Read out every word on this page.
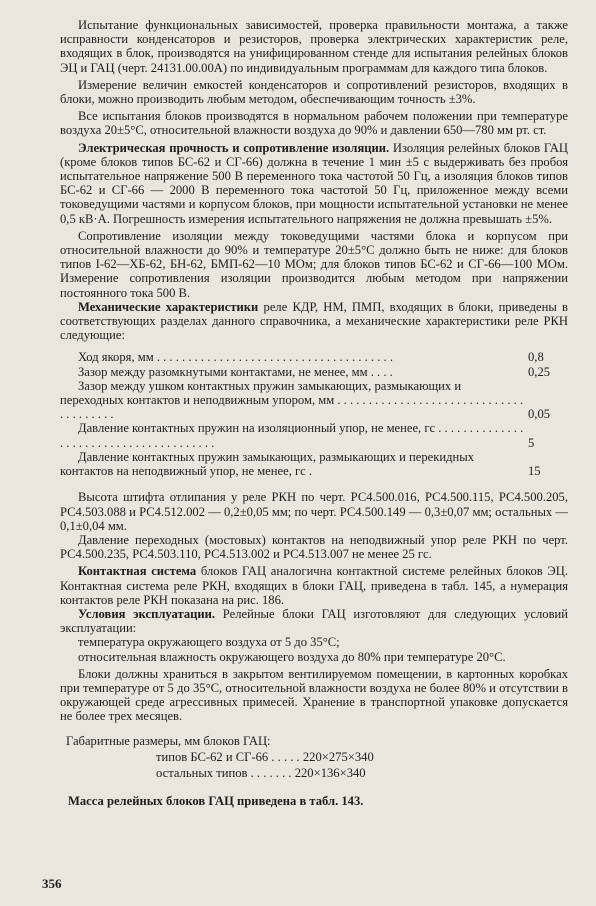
Испытание функциональных зависимостей, проверка правильности монтажа, а также исправности конденсаторов и резисторов, проверка электрических характеристик реле, входящих в блок, производятся на унифицированном стенде для испытания релейных блоков ЭЦ и ГАЦ (черт. 24131.00.00А) по индивидуальным программам для каждого типа блоков.

Измерение величин емкостей конденсаторов и сопротивлений резисторов, входящих в блоки, можно производить любым методом, обеспечивающим точность ±3%.

Все испытания блоков производятся в нормальном рабочем положении при температуре воздуха 20±5°С, относительной влажности воздуха до 90% и давлении 650—780 мм рт. ст.

Электрическая прочность и сопротивление изоляции. Изоляция релейных блоков ГАЦ (кроме блоков типов БС-62 и СГ-66) должна в течение 1 мин ±5 с выдерживать без пробоя испытательное напряжение 500 В переменного тока частотой 50 Гц, а изоляция блоков типов БС-62 и СГ-66 — 2000 В переменного тока частотой 50 Гц, приложенное между всеми токоведущими частями и корпусом блоков, при мощности испытательной установки не менее 0,5 кВ·А. Погрешность измерения испытательного напряжения не должна превышать ±5%.

Сопротивление изоляции между токоведущими частями блока и корпусом при относительной влажности до 90% и температуре 20±5°С должно быть не ниже: для блоков типов I-62—ХБ-62, БН-62, БМП-62—10 МОм; для блоков типов БС-62 и СГ-66—100 МОм. Измерение сопротивления изоляции производится любым методом при напряжении постоянного тока 500 В.

Механические характеристики реле КДР, НМ, ПМП, входящих в блоки, приведены в соответствующих разделах данного справочника, а механические характеристики реле РКН следующие:

Ход якоря, мм . . . . . . . . . . . . . . . . . . . . . . . . . . . . . . . . . . . . . .	0,8
Зазор между разомкнутыми контактами, не менее, мм . . . .	0,25
Зазор между ушком контактных пружин замыкающих, размыкающих и переходных контактов и неподвижным упором, мм . . . . . . . . . . . . . . . . . . . . . . . . . . . . . . . . . . . . . . .	0,05
Давление контактных пружин на изоляционный упор, не менее, гс . . . . . . . . . . . . . . . . . . . . . . . . . . . . . . . . . . . . . . .	5
Давление контактных пружин замыкающих, размыкающих и перекидных контактов на неподвижный упор, не менее, гс .	15

Высота штифта отлипания у реле РКН по черт. РС4.500.016, РС4.500.115, РС4.500.205, РС4.503.088 и РС4.512.002 — 0,2±0,05 мм; по черт. РС4.500.149 — 0,3±0,07 мм; остальных — 0,1±0,04 мм.

Давление переходных (мостовых) контактов на неподвижный упор реле РКН по черт. РС4.500.235, РС4.503.110, РС4.513.002 и РС4.513.007 не менее 25 гс.

Контактная система блоков ГАЦ аналогична контактной системе релейных блоков ЭЦ. Контактная система реле РКН, входящих в блоки ГАЦ, приведена в табл. 145, а нумерация контактов реле РКН показана на рис. 186.

Условия эксплуатации. Релейные блоки ГАЦ изготовляют для следующих условий эксплуатации:

температура окружающего воздуха от 5 до 35°С;

относительная влажность окружающего воздуха до 80% при температуре 20°С.

Блоки должны храниться в закрытом вентилируемом помещении, в картонных коробках при температуре от 5 до 35°С, относительной влажности воздуха не более 80% и отсутствии в окружающей среде агрессивных примесей. Хранение в транспортной упаковке допускается не более трех месяцев.

Габаритные размеры, мм блоков ГАЦ:

типов БС-62 и СГ-66 . . . . . 220×275×340
остальных типов . . . . . . . 220×136×340

Масса релейных блоков ГАЦ приведена в табл. 143.

356
